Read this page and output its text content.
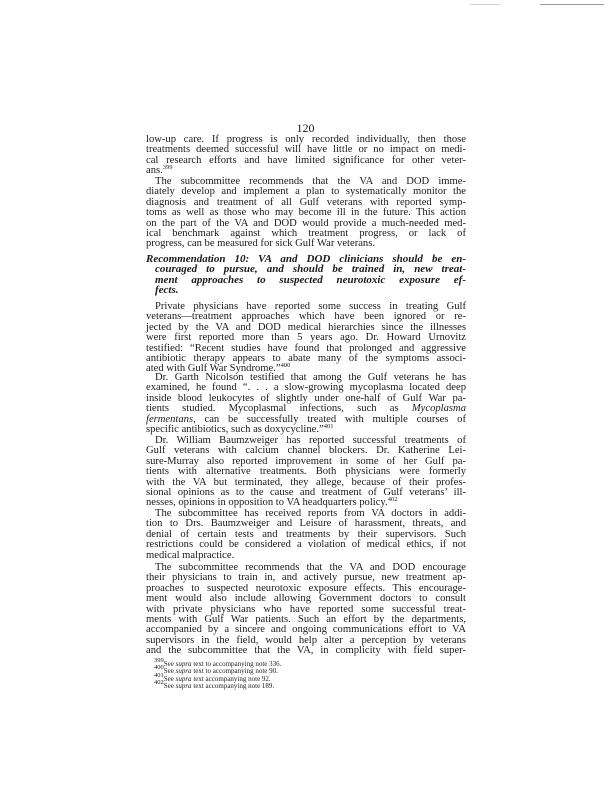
120
low-up care. If progress is only recorded individually, then those
treatments deemed successful will have little or no impact on medi-
cal research efforts and have limited significance for other veter-
ans.$^{399}$
The subcommittee recommends that the VA and DOD imme-
diately develop and implement a plan to systematically monitor the
diagnosis and treatment of all Gulf veterans with reported symp-
toms as well as those who may become ill in the future. This action
on the part of the VA and DOD would provide a much-needed med-
ical benchmark against which treatment progress, or lack of
progress, can be measured for sick Gulf War veterans.
Recommendation 10: VA and DOD clinicians should be en-
couraged to pursue, and should be trained in, new treat-
ment approaches to suspected neurotoxic exposure ef-
fects.
Private physicians have reported some success in treating Gulf
veterans—treatment approaches which have been ignored or re-
jected by the VA and DOD medical hierarchies since the illnesses
were first reported more than 5 years ago. Dr. Howard Urnovitz
testified: “Recent studies have found that prolonged and aggressive
antibiotic therapy appears to abate many of the symptoms associ-
ated with Gulf War Syndrome.”$^{400}$
Dr. Garth Nicolson testified that among the Gulf veterans he has
examined, he found “. . . a slow-growing mycoplasma located deep
inside blood leukocytes of slightly under one-half of Gulf War pa-
tients studied. Mycoplasmal infections, such as Mycoplasma
fermentans, can be successfully treated with multiple courses of
specific antibiotics, such as doxycycline.”$^{401}$
Dr. William Baumzweiger has reported successful treatments of
Gulf veterans with calcium channel blockers. Dr. Katherine Lei-
sure-Murray also reported improvement in some of her Gulf pa-
tients with alternative treatments. Both physicians were formerly
with the VA but terminated, they allege, because of their profes-
sional opinions as to the cause and treatment of Gulf veterans’ ill-
nesses, opinions in opposition to VA headquarters policy.$^{402}$
The subcommittee has received reports from VA doctors in addi-
tion to Drs. Baumzweiger and Leisure of harassment, threats, and
denial of certain tests and treatments by their supervisors. Such
restrictions could be considered a violation of medical ethics, if not
medical malpractice.
The subcommittee recommends that the VA and DOD encourage
their physicians to train in, and actively pursue, new treatment ap-
proaches to suspected neurotoxic exposure effects. This encourage-
ment would also include allowing Government doctors to consult
with private physicians who have reported some successful treat-
ments with Gulf War patients. Such an effort by the departments,
accompanied by a sincere and ongoing communications effort to VA
supervisors in the field, would help alter a perception by veterans
and the subcommittee that the VA, in complicity with field super-
$^{399}$See supra text to accompanying note 336.
$^{400}$See supra text to accompanying note 90.
$^{401}$See supra text accompanying note 92.
$^{402}$See supra text accompanying note 189.
